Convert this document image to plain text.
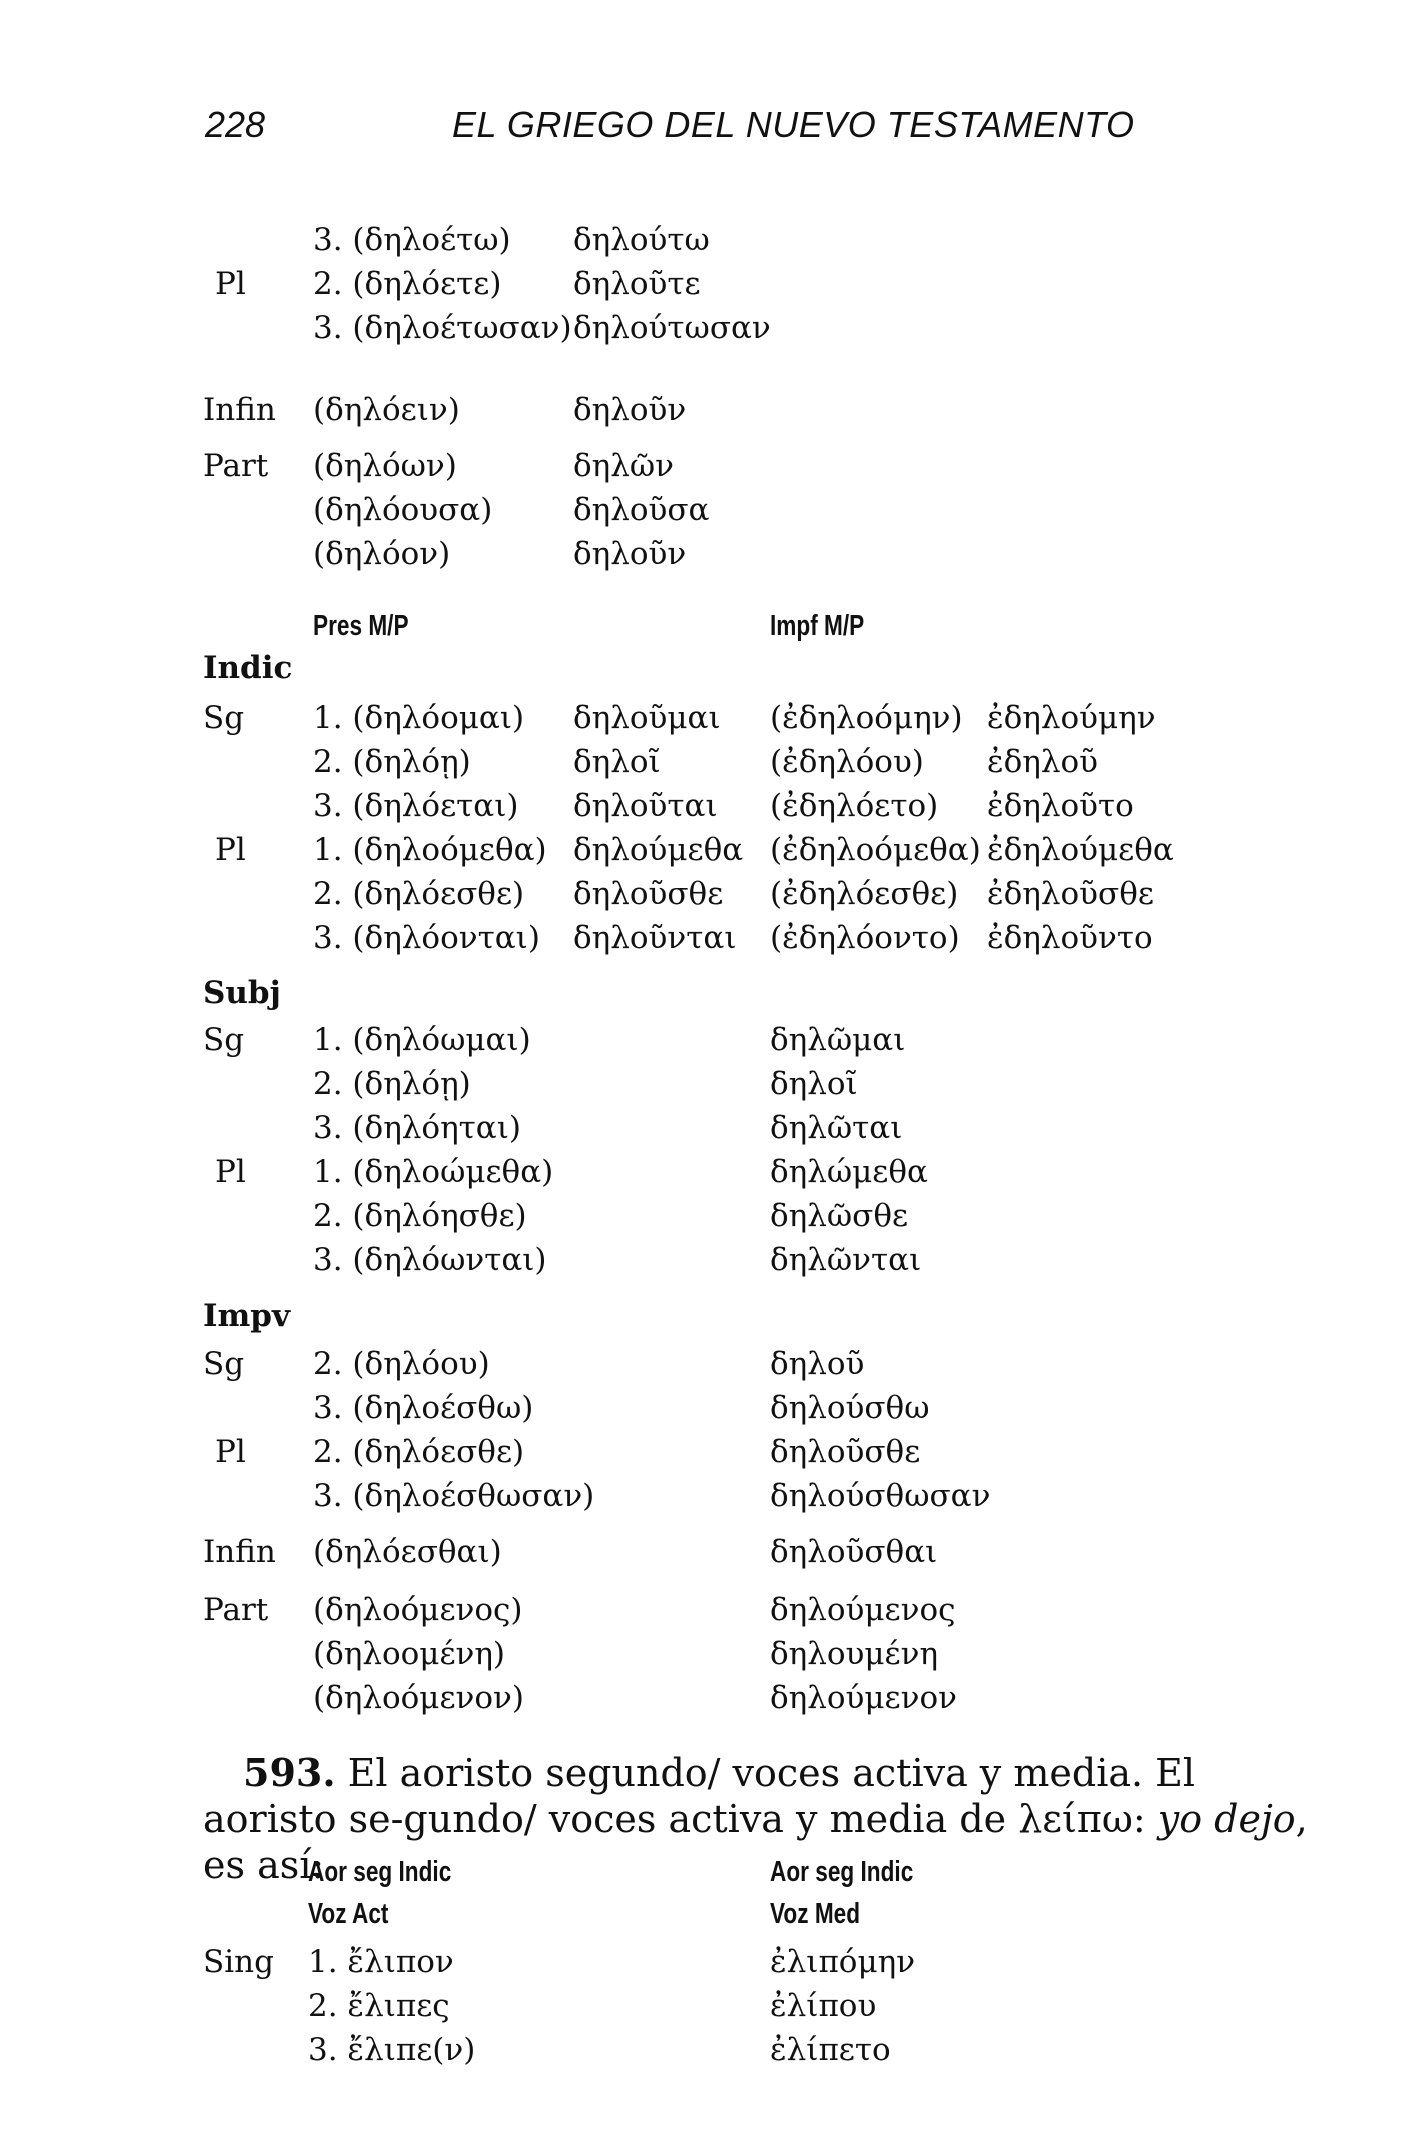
228	EL GRIEGO DEL NUEVO TESTAMENTO
3. (δηλοέτω) δηλούτω
Pl 2. (δηλόετε) δηλοῦτε
3. (δηλοέτωσαν) δηλούτωσαν
Infin (δηλόειν)	δηλοῦν
Part (δηλόων)	δηλῶν
(δηλόουσα)	δηλοῦσα
(δηλόον)	δηλοῦν
Pres M/P	Impf M/P
Indic
Sg 1. (δηλόομαι) δηλοῦμαι (ἐδηλοόμην) ἐδηλούμην
2. (δηλόῃ)	δηλοῖ	(ἐδηλόου) ἐδηλοῦ
3. (δηλόεται) δηλοῦται (ἐδηλόετο) ἐδηλοῦτο
Pl 1. (δηλοόμεθα) δηλούμεθα (ἐδηλοόμεθα) ἐδηλούμεθα
2. (δηλόεσθε) δηλοῦσθε (ἐδηλόεσθε) ἐδηλοῦσθε
3. (δηλόονται) δηλοῦνται (ἐδηλόοντο) ἐδηλοῦντο
Subj
Sg 1. (δηλόωμαι)	δηλῶμαι
2. (δηλόῃ)	δηλοῖ
3. (δηλόηται)	δηλῶται
Pl 1. (δηλοώμεθα)	δηλώμεθα
2. (δηλόησθε)	δηλῶσθε
3. (δηλόωνται)	δηλῶνται
Impv
Sg 2. (δηλόου)	δηλοῦ
3. (δηλοέσθω)	δηλούσθω
Pl 2. (δηλόεσθε)	δηλοῦσθε
3. (δηλοέσθωσαν)	δηλούσθωσαν
Infin (δηλόεσθαι)	δηλοῦσθαι
Part (δηλοόμενος)	δηλούμενος
(δηλοομένη)	δηλουμένη
(δηλοόμενον)	δηλούμενον
593. El aoristo segundo/ voces activa y media. El aoristo se-gundo/ voces activa y media de λείπω: yo dejo, es así:
Aor seg Indic	Aor seg Indic
Voz Act	Voz Med
Sing 1. ἔλιπον	ἐλιπόμην
2. ἔλιπες	ἐλίπου
3. ἔλιπε(ν)	ἐλίπετο
